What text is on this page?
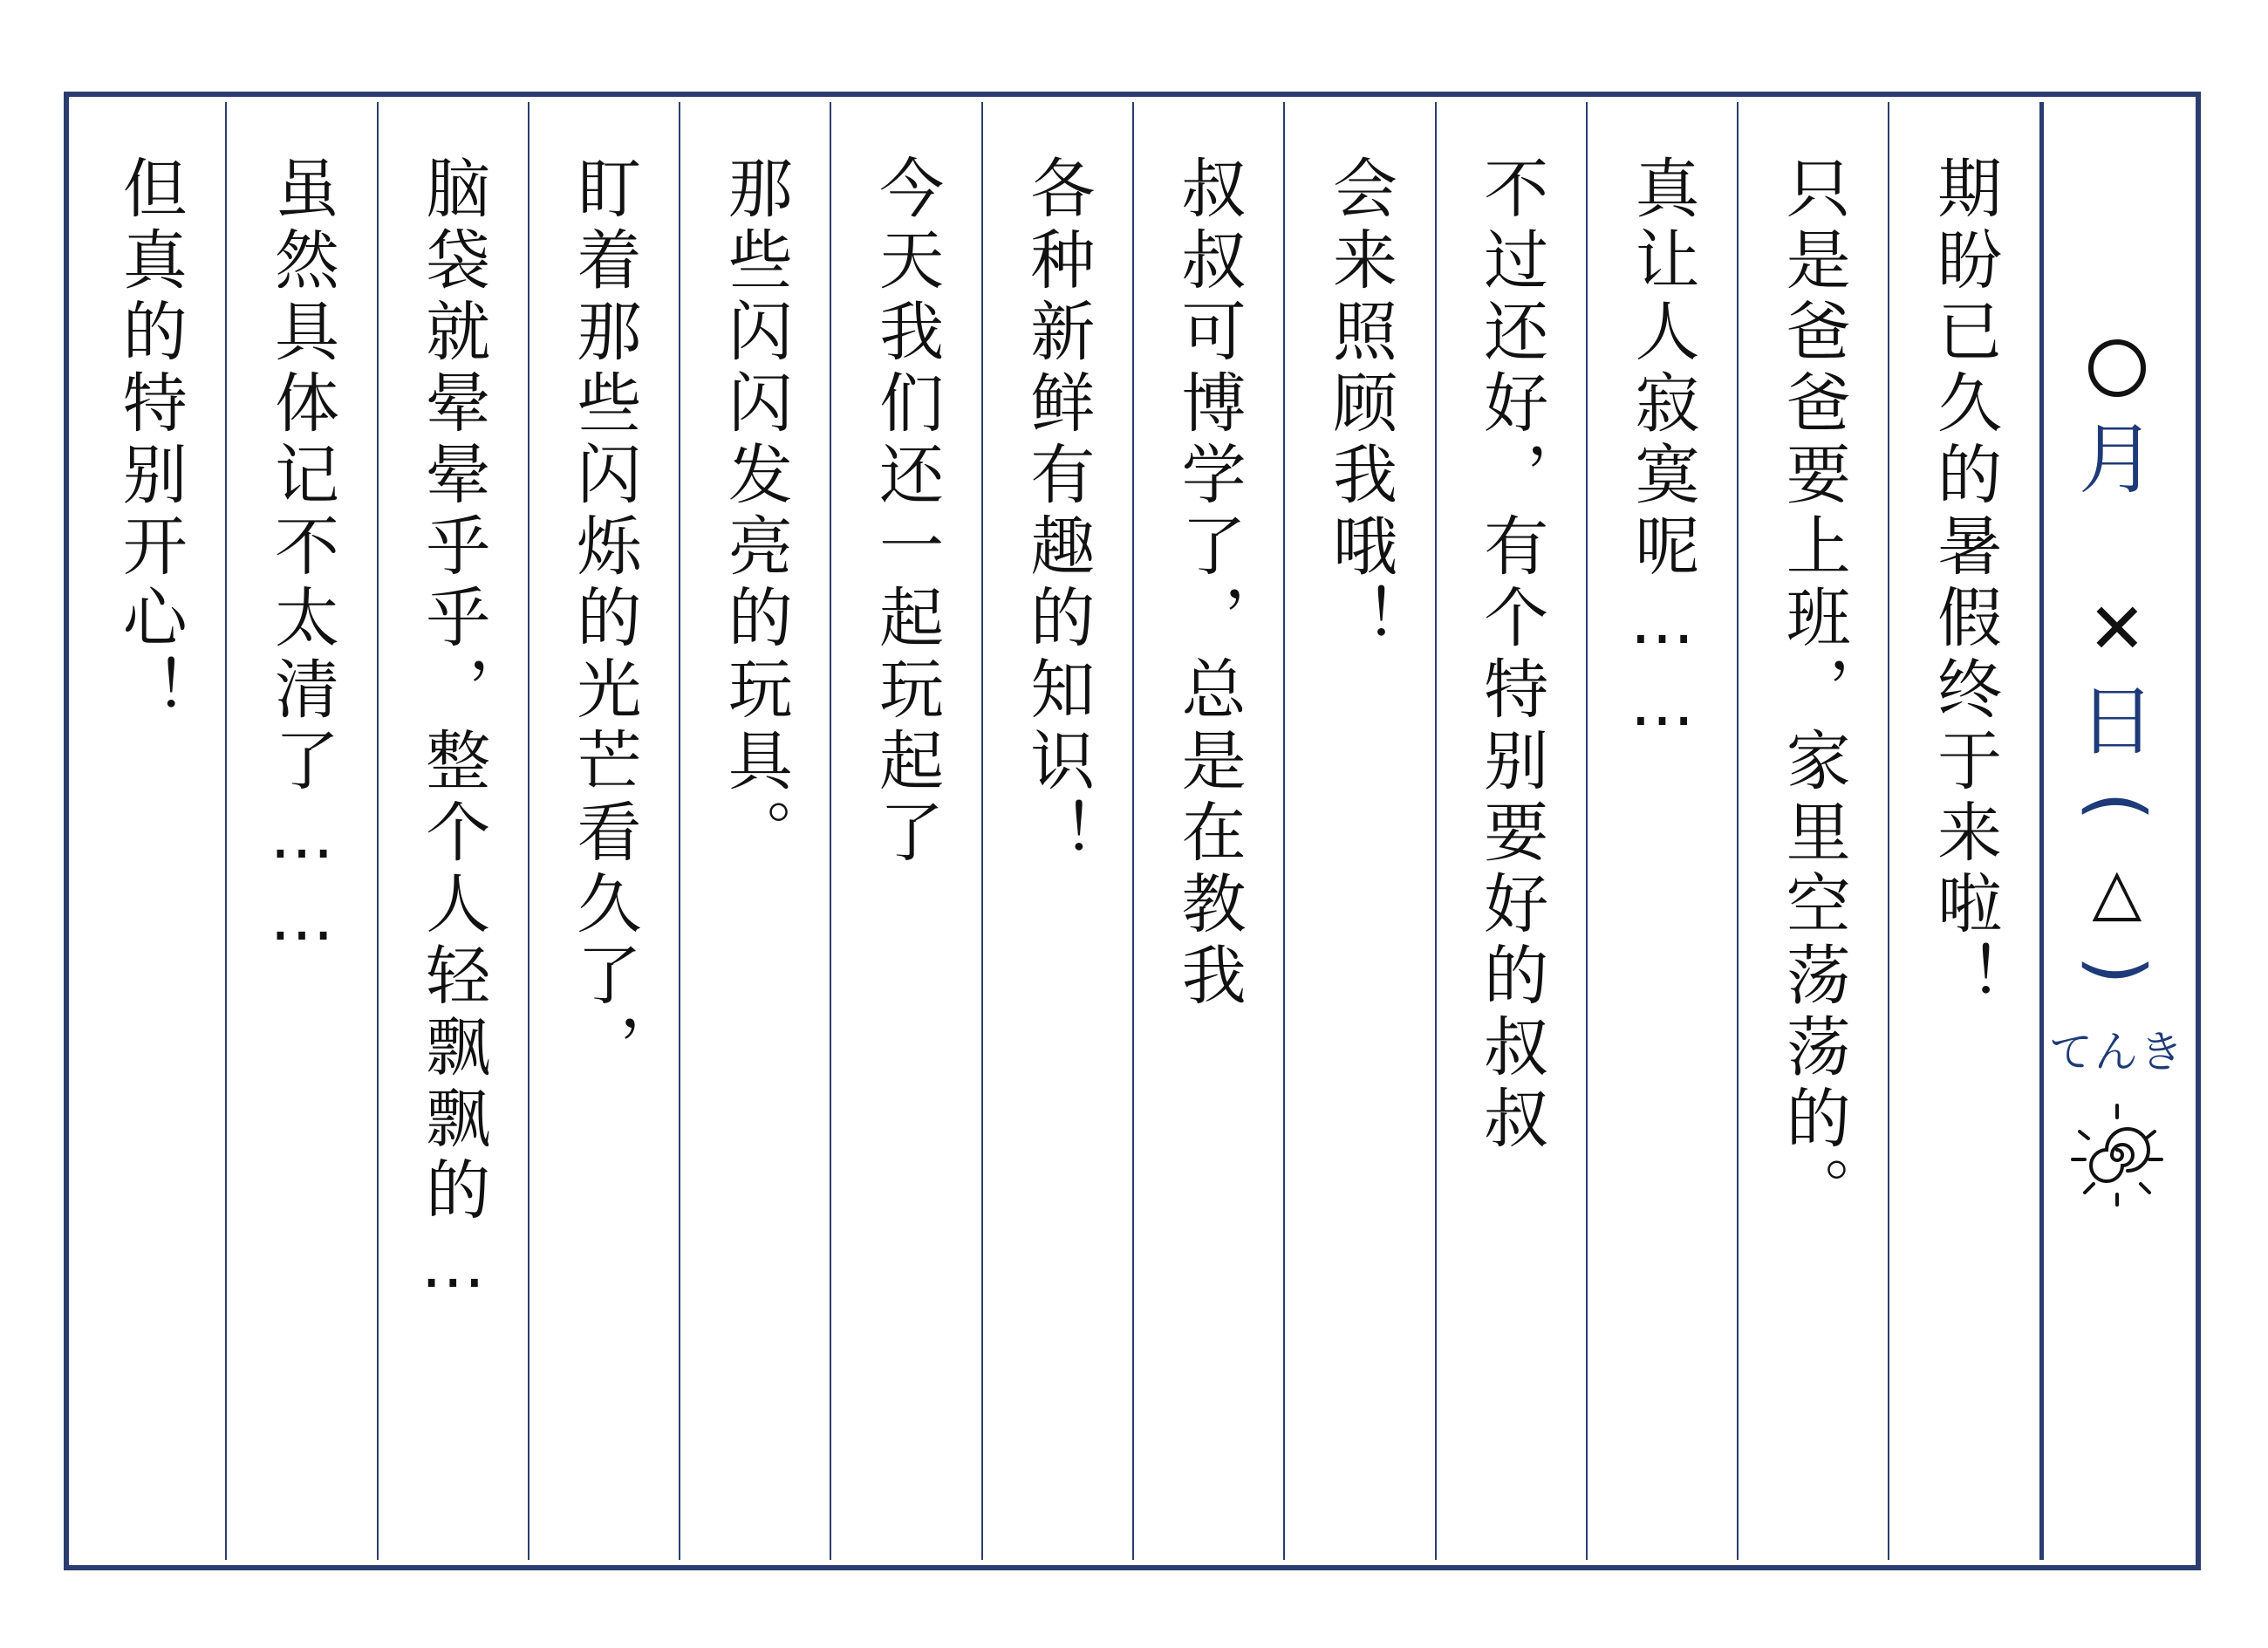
月
✕
日
(
△
)
てんき
期盼已久的暑假终于来啦！
只是爸爸要上班，家里空荡荡的。
真让人寂寞呢……
不过还好，有个特别要好的叔叔
会来照顾我哦！
叔叔可博学了，总是在教我
各种新鲜有趣的知识！
今天我们还一起玩起了
那些闪闪发亮的玩具。
盯着那些闪烁的光芒看久了，
脑袋就晕晕乎乎，整个人轻飘飘的…
虽然具体记不太清了……
但真的特别开心！
